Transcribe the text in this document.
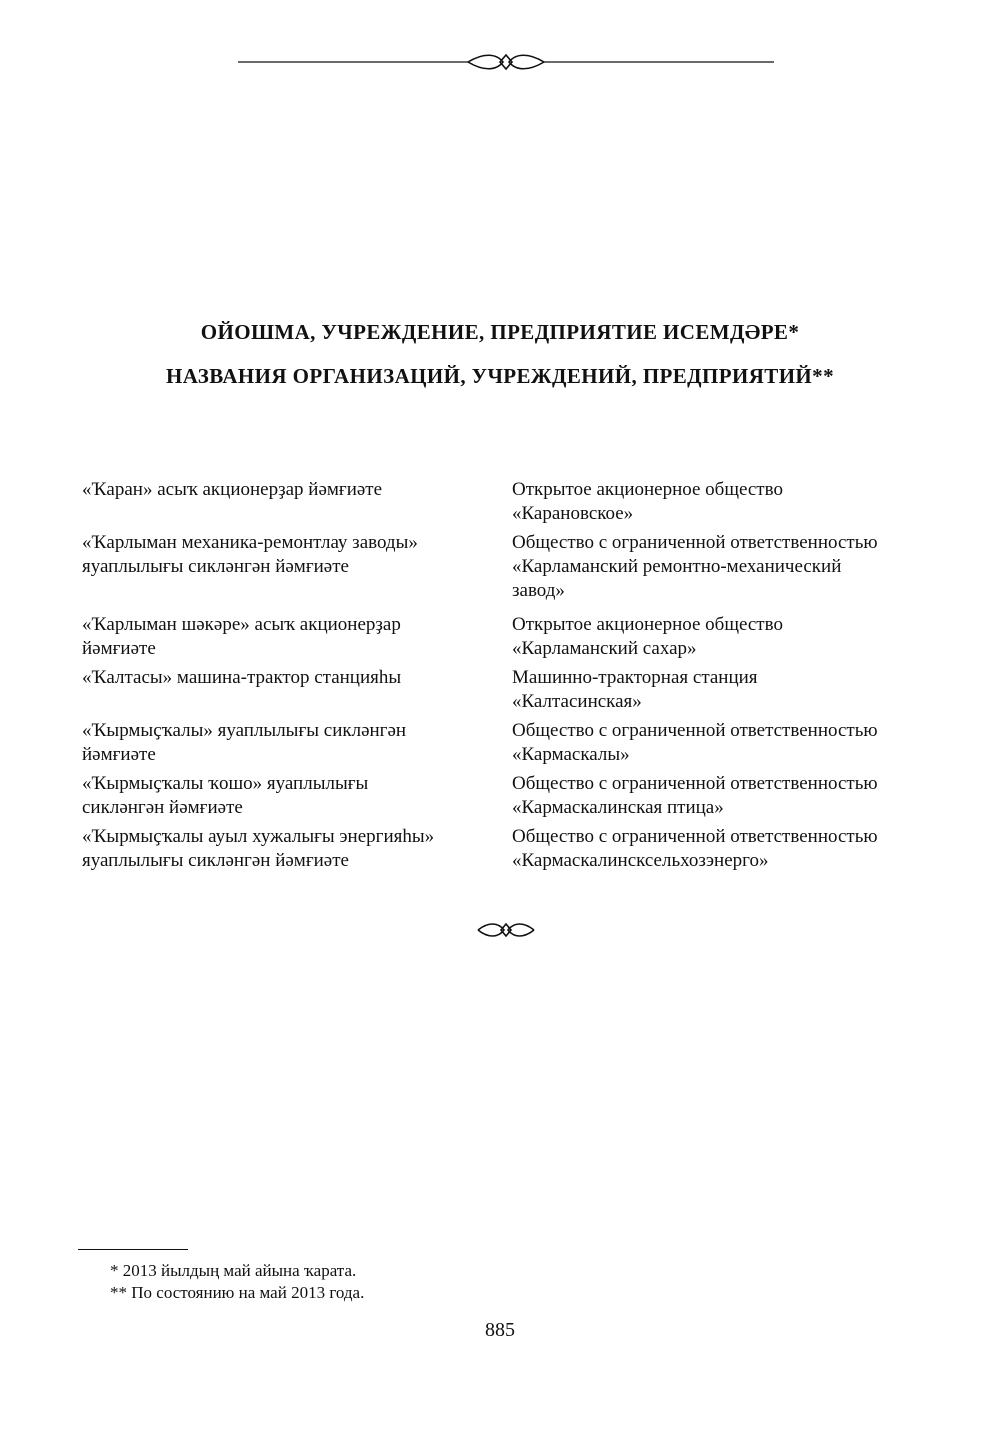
ОЙОШМА, УЧРЕЖДЕНИЕ, ПРЕДПРИЯТИЕ ИСЕМДӘРЕ*

НАЗВАНИЯ ОРГАНИЗАЦИЙ, УЧРЕЖДЕНИЙ, ПРЕДПРИЯТИЙ**

«Ҡаран» асыҡ акционерҙар йәмғиәте	Открытое акционерное общество
«Карановское»
«Ҡарлыман механика-ремонтлау заводы»
яуаплылығы сикләнгән йәмғиәте
Общество с ограниченной ответственностью
«Карламанский ремонтно-механический
завод»
«Ҡарлыман шәкәре» асыҡ акционерҙар
йәмғиәте
Открытое акционерное общество
«Карламанский сахар»
«Ҡалтасы» машина-трактор станцияһы	Машинно-тракторная станция
«Калтасинская»
«Ҡырмыҫҡалы» яуаплылығы сикләнгән
йәмғиәте
Общество с ограниченной ответственностью
«Кармаскалы»
«Ҡырмыҫҡалы ҡошо» яуаплылығы
сикләнгән йәмғиәте
Общество с ограниченной ответственностью
«Кармаскалинская птица»
«Ҡырмыҫҡалы ауыл хужалығы энергияһы»
яуаплылығы сикләнгән йәмғиәте
Общество с ограниченной ответственностью
«Кармаскалинсксельхозэнерго»
* 2013 йылдың май айына ҡарата.
** По состоянию на май 2013 года.
885
